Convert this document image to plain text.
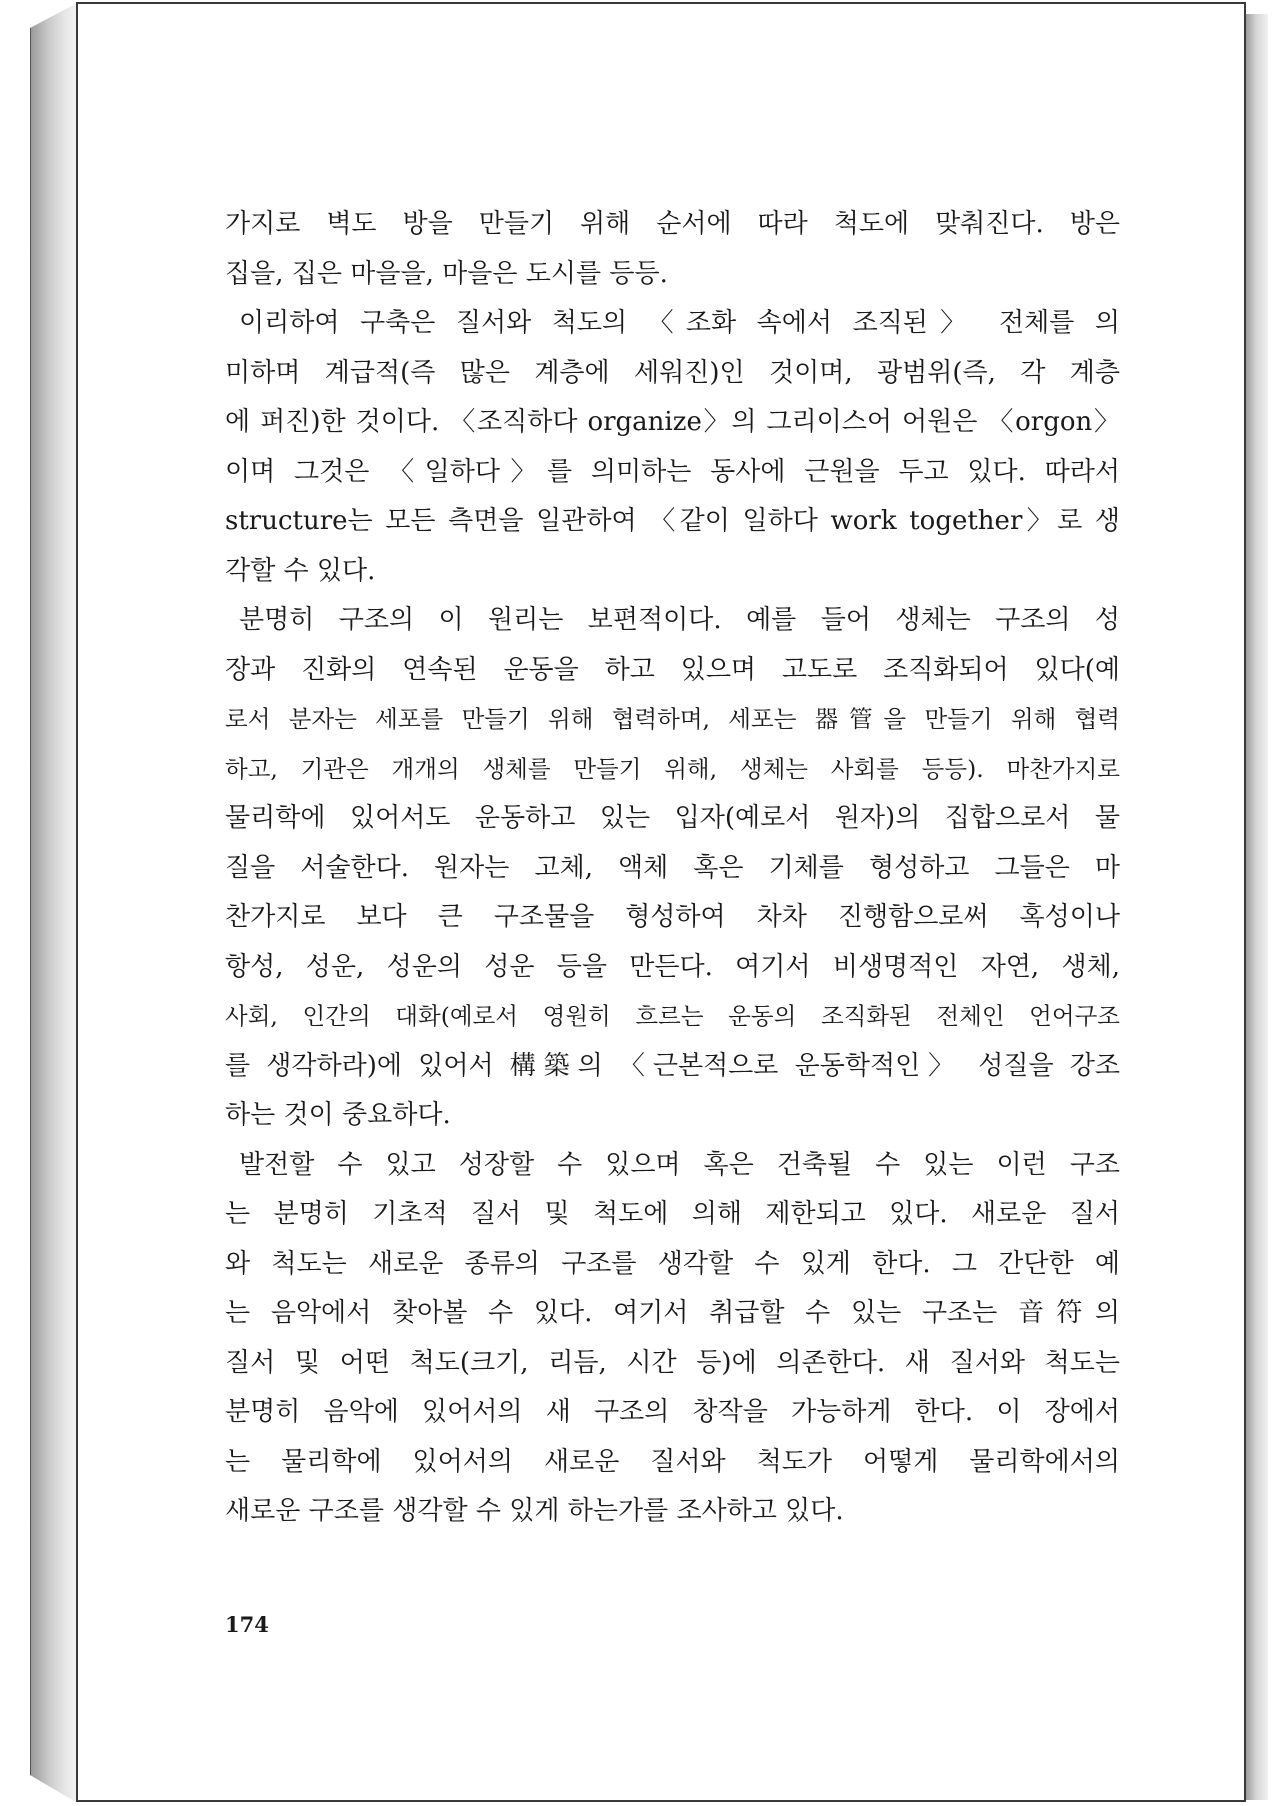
가지로 벽도 방을 만들기 위해 순서에 따라 척도에 맞춰진다. 방은
집을, 집은 마을을, 마을은 도시를 등등.
이리하여 구축은 질서와 척도의 〈조화 속에서 조직된〉 전체를 의
미하며 계급적(즉 많은 계층에 세워진)인 것이며, 광범위(즉, 각 계층
에 퍼진)한 것이다. 〈조직하다 organize〉의 그리이스어 어원은 〈orgon〉
이며 그것은 〈일하다〉를 의미하는 동사에 근원을 두고 있다. 따라서
structure는 모든 측면을 일관하여 〈같이 일하다 work together〉로 생
각할 수 있다.
분명히 구조의 이 원리는 보편적이다. 예를 들어 생체는 구조의 성
장과 진화의 연속된 운동을 하고 있으며 고도로 조직화되어 있다(예
로서 분자는 세포를 만들기 위해 협력하며, 세포는 器管을 만들기 위해 협력
하고, 기관은 개개의 생체를 만들기 위해, 생체는 사회를 등등). 마찬가지로
물리학에 있어서도 운동하고 있는 입자(예로서 원자)의 집합으로서 물
질을 서술한다. 원자는 고체, 액체 혹은 기체를 형성하고 그들은 마
찬가지로 보다 큰 구조물을 형성하여 차차 진행함으로써 혹성이나
항성, 성운, 성운의 성운 등을 만든다. 여기서 비생명적인 자연, 생체,
사회, 인간의 대화(예로서 영원히 흐르는 운동의 조직화된 전체인 언어구조
를 생각하라)에 있어서 構築의 〈근본적으로 운동학적인〉 성질을 강조
하는 것이 중요하다.
발전할 수 있고 성장할 수 있으며 혹은 건축될 수 있는 이런 구조
는 분명히 기초적 질서 및 척도에 의해 제한되고 있다. 새로운 질서
와 척도는 새로운 종류의 구조를 생각할 수 있게 한다. 그 간단한 예
는 음악에서 찾아볼 수 있다. 여기서 취급할 수 있는 구조는 音符의
질서 및 어떤 척도(크기, 리듬, 시간 등)에 의존한다. 새 질서와 척도는
분명히 음악에 있어서의 새 구조의 창작을 가능하게 한다. 이 장에서
는 물리학에 있어서의 새로운 질서와 척도가 어떻게 물리학에서의
새로운 구조를 생각할 수 있게 하는가를 조사하고 있다.
174
